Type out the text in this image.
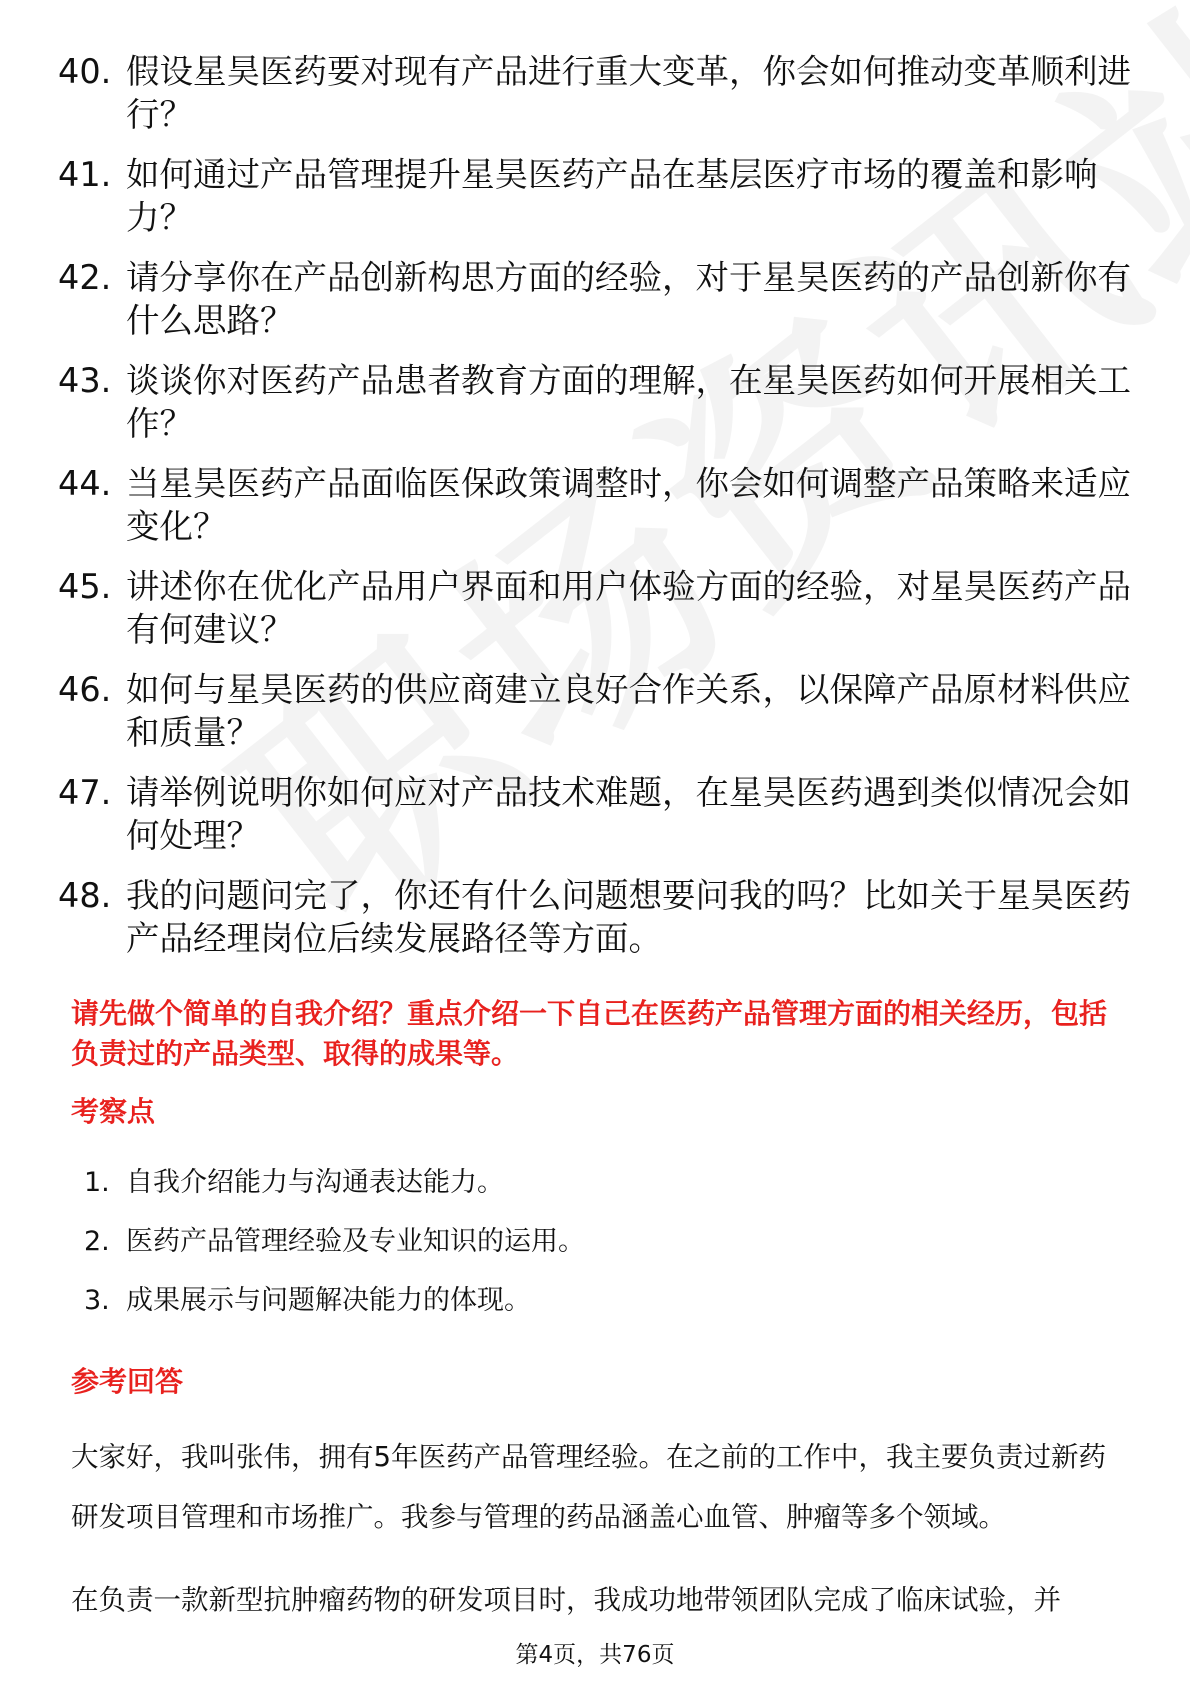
40. 假设星昊医药要对现有产品进行重大变革，你会如何推动变革顺利进行？
41. 如何通过产品管理提升星昊医药产品在基层医疗市场的覆盖和影响力？
42. 请分享你在产品创新构思方面的经验，对于星昊医药的产品创新你有什么思路？
43. 谈谈你对医药产品患者教育方面的理解，在星昊医药如何开展相关工作？
44. 当星昊医药产品面临医保政策调整时，你会如何调整产品策略来适应变化？
45. 讲述你在优化产品用户界面和用户体验方面的经验，对星昊医药产品有何建议？
46. 如何与星昊医药的供应商建立良好合作关系，以保障产品原材料供应和质量？
47. 请举例说明你如何应对产品技术难题，在星昊医药遇到类似情况会如何处理？
48. 我的问题问完了，你还有什么问题想要问我的吗？比如关于星昊医药产品经理岗位后续发展路径等方面。
请先做个简单的自我介绍？重点介绍一下自己在医药产品管理方面的相关经历，包括负责过的产品类型、取得的成果等。
考察点
1. 自我介绍能力与沟通表达能力。
2. 医药产品管理经验及专业知识的运用。
3. 成果展示与问题解决能力的体现。
参考回答

大家好，我叫张伟，拥有5年医药产品管理经验。在之前的工作中，我主要负责过新药研发项目管理和市场推广。我参与管理的药品涵盖心血管、肿瘤等多个领域。

在负责一款新型抗肿瘤药物的研发项目时，我成功地带领团队完成了临床试验，并

第4页，共76页
